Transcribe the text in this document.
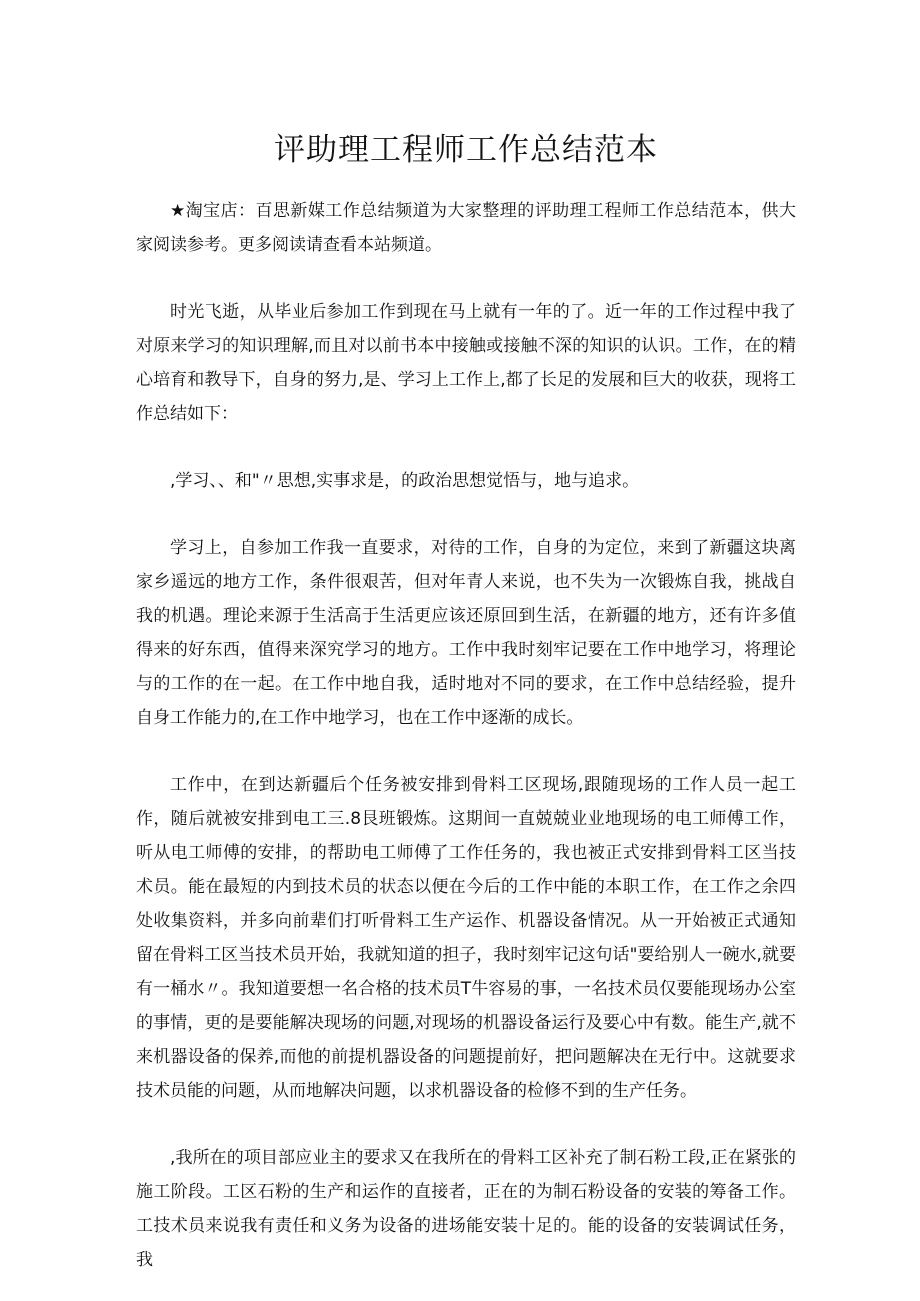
评助理工程师工作总结范本

★淘宝店：百思新媒工作总结频道为大家整理的评助理工程师工作总结范本，供大家阅读参考。更多阅读请查看本站频道。

时光飞逝，从毕业后参加工作到现在马上就有一年的了。近一年的工作过程中我了对原来学习的知识理解,而且对以前书本中接触或接触不深的知识的认识。工作，在的精心培育和教导下，自身的努力,是、学习上工作上,都了长足的发展和巨大的收获，现将工作总结如下：

,学习、、和"〃思想,实事求是，的政治思想觉悟与，地与追求。

学习上，自参加工作我一直要求，对待的工作，自身的为定位，来到了新疆这块离家乡遥远的地方工作，条件很艰苦，但对年青人来说，也不失为一次锻炼自我，挑战自我的机遇。理论来源于生活高于生活更应该还原回到生活，在新疆的地方，还有许多值得来的好东西，值得来深究学习的地方。工作中我时刻牢记要在工作中地学习，将理论与的工作的在一起。在工作中地自我，适时地对不同的要求，在工作中总结经验，提升自身工作能力的,在工作中地学习，也在工作中逐渐的成长。

工作中，在到达新疆后个任务被安排到骨料工区现场,跟随现场的工作人员一起工作，随后就被安排到电工三.8艮班锻炼。这期间一直兢兢业业地现场的电工师傅工作，听从电工师傅的安排，的帮助电工师傅了工作任务的，我也被正式安排到骨料工区当技术员。能在最短的内到技术员的状态以便在今后的工作中能的本职工作，在工作之余四处收集资料，并多向前辈们打听骨料工生产运作、机器设备情况。从一开始被正式通知留在骨料工区当技术员开始，我就知道的担子，我时刻牢记这句话"要给别人一碗水,就要有一桶水〃。我知道要想一名合格的技术员T牛容易的事，一名技术员仅要能现场办公室的事情，更的是要能解决现场的问题,对现场的机器设备运行及要心中有数。能生产,就不来机器设备的保养,而他的前提机器设备的问题提前好，把问题解决在无行中。这就要求技术员能的问题，从而地解决问题，以求机器设备的检修不到的生产任务。

,我所在的项目部应业主的要求又在我所在的骨料工区补充了制石粉工段,正在紧张的施工阶段。工区石粉的生产和运作的直接者，正在的为制石粉设备的安装的筹备工作。工技术员来说我有责任和义务为设备的进场能安装十足的。能的设备的安装调试任务，我
